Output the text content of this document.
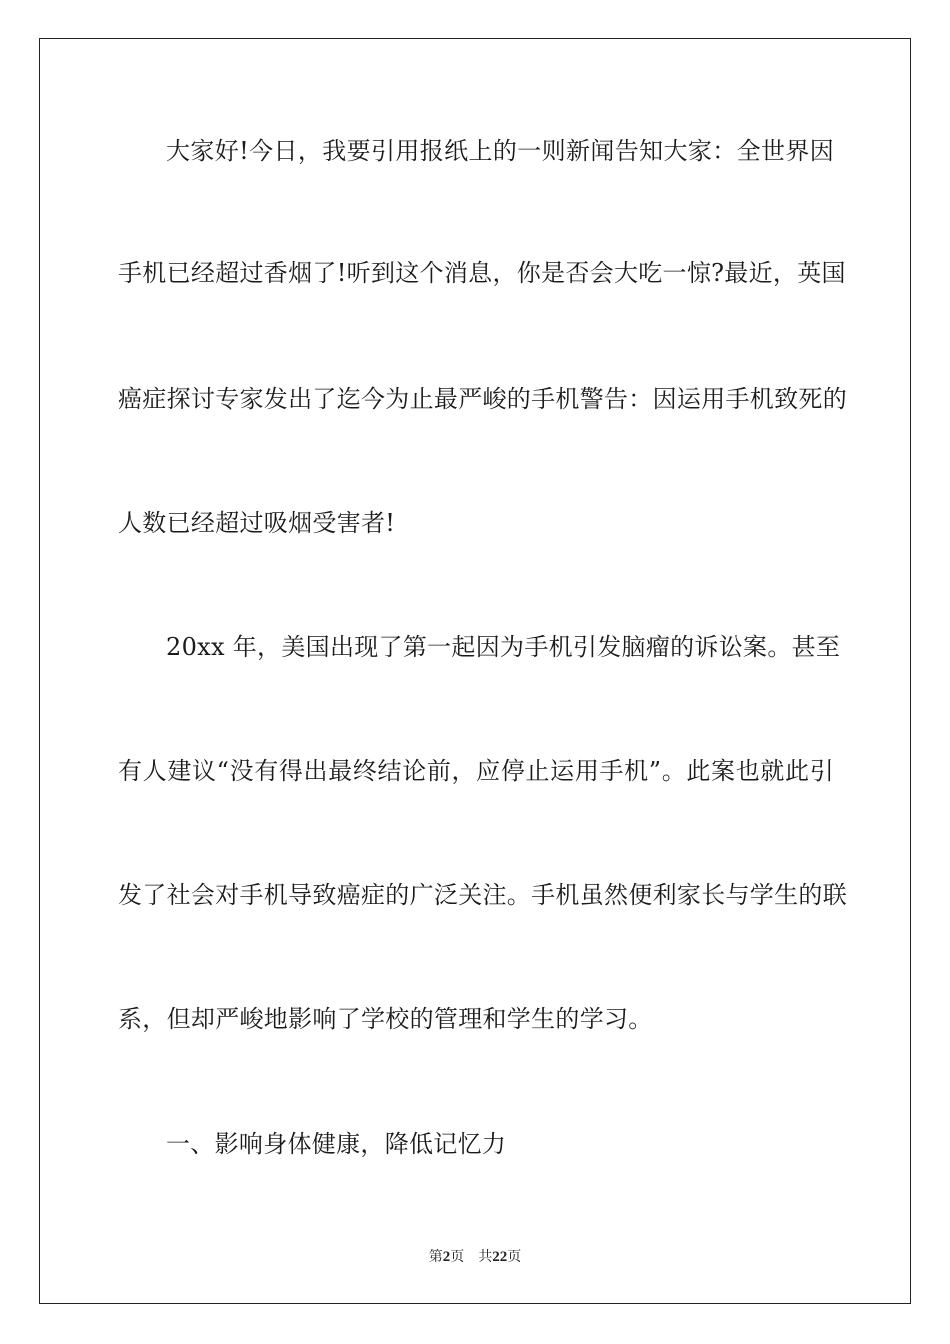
大家好!今日，我要引用报纸上的一则新闻告知大家：全世界因
手机已经超过香烟了!听到这个消息，你是否会大吃一惊?最近，英国
癌症探讨专家发出了迄今为止最严峻的手机警告：因运用手机致死的
人数已经超过吸烟受害者!
20xx 年，美国出现了第一起因为手机引发脑瘤的诉讼案。甚至
有人建议“没有得出最终结论前，应停止运用手机”。此案也就此引
发了社会对手机导致癌症的广泛关注。手机虽然便利家长与学生的联
系，但却严峻地影响了学校的管理和学生的学习。
一、影响身体健康，降低记忆力
第2页 共22页
